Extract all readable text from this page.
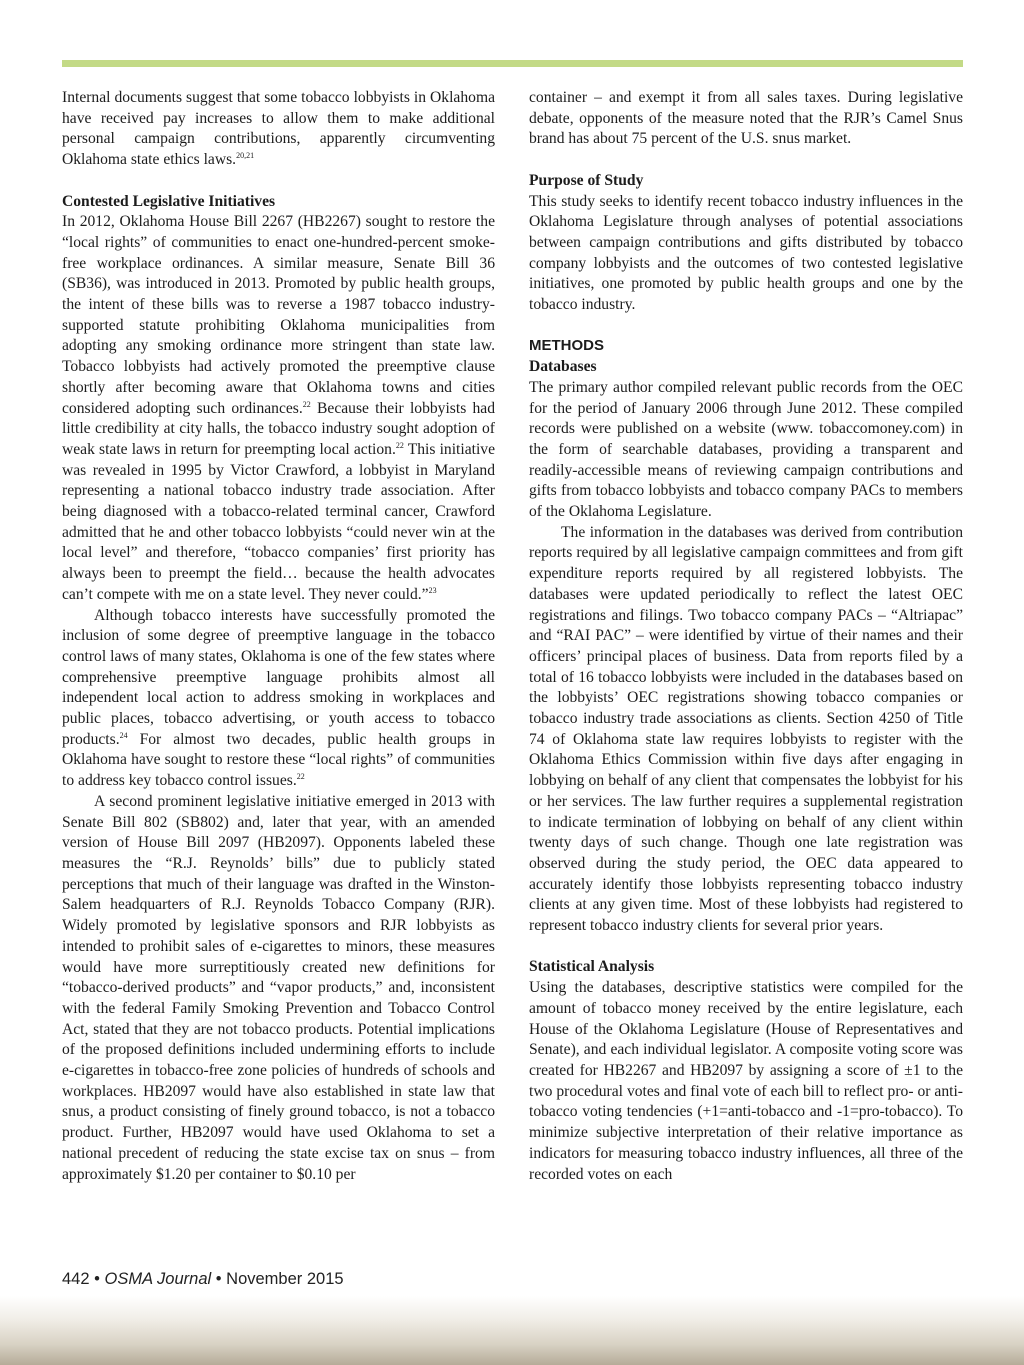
Internal documents suggest that some tobacco lobbyists in Oklahoma have received pay increases to allow them to make additional personal campaign contributions, apparently circumventing Oklahoma state ethics laws.$^{20,21}$

Contested Legislative Initiatives

In 2012, Oklahoma House Bill 2267 (HB2267) sought to restore the “local rights” of communities to enact one-hundred-percent smoke-free workplace ordinances. A similar measure, Senate Bill 36 (SB36), was introduced in 2013. Promoted by public health groups, the intent of these bills was to reverse a 1987 tobacco industry-supported statute prohibiting Oklahoma municipalities from adopting any smoking ordinance more stringent than state law. Tobacco lobbyists had actively promoted the preemptive clause shortly after becoming aware that Oklahoma towns and cities considered adopting such ordinances.$^{22}$ Because their lobbyists had little credibility at city halls, the tobacco industry sought adoption of weak state laws in return for preempting local action.$^{22}$ This initiative was revealed in 1995 by Victor Crawford, a lobbyist in Maryland representing a national tobacco industry trade association. After being diagnosed with a tobacco-related terminal cancer, Crawford admitted that he and other tobacco lobbyists “could never win at the local level” and therefore, “tobacco companies’ first priority has always been to preempt the field… because the health advocates can’t compete with me on a state level. They never could.”$^{23}$

Although tobacco interests have successfully promoted the inclusion of some degree of preemptive language in the tobacco control laws of many states, Oklahoma is one of the few states where comprehensive preemptive language prohibits almost all independent local action to address smoking in workplaces and public places, tobacco advertising, or youth access to tobacco products.$^{24}$ For almost two decades, public health groups in Oklahoma have sought to restore these “local rights” of communities to address key tobacco control issues.$^{22}$

A second prominent legislative initiative emerged in 2013 with Senate Bill 802 (SB802) and, later that year, with an amended version of House Bill 2097 (HB2097). Opponents labeled these measures the “R.J. Reynolds’ bills” due to publicly stated perceptions that much of their language was drafted in the Winston-Salem headquarters of R.J. Reynolds Tobacco Company (RJR). Widely promoted by legislative sponsors and RJR lobbyists as intended to prohibit sales of e-cigarettes to minors, these measures would have more surreptitiously created new definitions for “tobacco-derived products” and “vapor products,” and, inconsistent with the federal Family Smoking Prevention and Tobacco Control Act, stated that they are not tobacco products. Potential implications of the proposed definitions included undermining efforts to include e-cigarettes in tobacco-free zone policies of hundreds of schools and workplaces. HB2097 would have also established in state law that snus, a product consisting of finely ground tobacco, is not a tobacco product. Further, HB2097 would have used Oklahoma to set a national precedent of reducing the state excise tax on snus – from approximately $1.20 per container to $0.10 per

container – and exempt it from all sales taxes. During legislative debate, opponents of the measure noted that the RJR’s Camel Snus brand has about 75 percent of the U.S. snus market.

Purpose of Study

This study seeks to identify recent tobacco industry influences in the Oklahoma Legislature through analyses of potential associations between campaign contributions and gifts distributed by tobacco company lobbyists and the outcomes of two contested legislative initiatives, one promoted by public health groups and one by the tobacco industry.

METHODS

Databases

The primary author compiled relevant public records from the OEC for the period of January 2006 through June 2012. These compiled records were published on a website (www. tobaccomoney.com) in the form of searchable databases, providing a transparent and readily-accessible means of reviewing campaign contributions and gifts from tobacco lobbyists and tobacco company PACs to members of the Oklahoma Legislature.

The information in the databases was derived from contribution reports required by all legislative campaign committees and from gift expenditure reports required by all registered lobbyists. The databases were updated periodically to reflect the latest OEC registrations and filings. Two tobacco company PACs – “Altriapac” and “RAI PAC” – were identified by virtue of their names and their officers’ principal places of business. Data from reports filed by a total of 16 tobacco lobbyists were included in the databases based on the lobbyists’ OEC registrations showing tobacco companies or tobacco industry trade associations as clients. Section 4250 of Title 74 of Oklahoma state law requires lobbyists to register with the Oklahoma Ethics Commission within five days after engaging in lobbying on behalf of any client that compensates the lobbyist for his or her services. The law further requires a supplemental registration to indicate termination of lobbying on behalf of any client within twenty days of such change. Though one late registration was observed during the study period, the OEC data appeared to accurately identify those lobbyists representing tobacco industry clients at any given time. Most of these lobbyists had registered to represent tobacco industry clients for several prior years.

Statistical Analysis

Using the databases, descriptive statistics were compiled for the amount of tobacco money received by the entire legislature, each House of the Oklahoma Legislature (House of Representatives and Senate), and each individual legislator. A composite voting score was created for HB2267 and HB2097 by assigning a score of ±1 to the two procedural votes and final vote of each bill to reflect pro- or anti-tobacco voting tendencies (+1=anti-tobacco and -1=pro-tobacco). To minimize subjective interpretation of their relative importance as indicators for measuring tobacco industry influences, all three of the recorded votes on each

442 • OSMA Journal • November 2015
